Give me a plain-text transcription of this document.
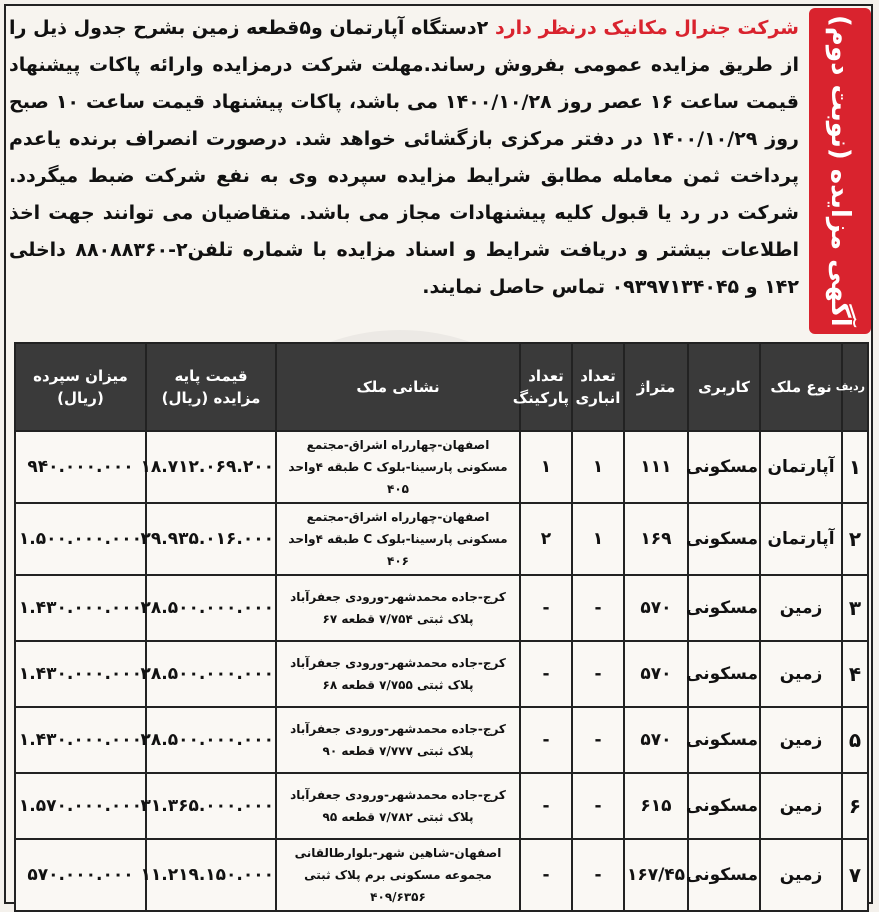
آگهی مزایده (نوبت دوم)

شرکت جنرال مکانیک درنظر دارد ۲دستگاه آپارتمان و۵قطعه زمین بشرح جدول ذیل را از طریق مزایده عمومی بفروش رساند.مهلت شرکت درمزایده وارائه پاکات پیشنهاد قیمت ساعت ۱۶ عصر روز ۱۴۰۰/۱۰/۲۸ می باشد، پاکات پیشنهاد قیمت ساعت ۱۰ صبح روز ۱۴۰۰/۱۰/۲۹ در دفتر مرکزی بازگشائی خواهد شد. درصورت انصراف برنده یاعدم پرداخت ثمن معامله مطابق شرایط مزایده سپرده وی به نفع شرکت ضبط میگردد. شرکت در رد یا قبول کلیه پیشنهادات مجاز می باشد. متقاضیان می توانند جهت اخذ اطلاعات بیشتر و دریافت شرایط و اسناد مزایده با شماره تلفن۲-۸۸۰۸۸۳۶۰ داخلی ۱۴۲ و ۰۹۳۹۷۱۳۴۰۴۵ تماس حاصل نمایند.

ردیف	نوع ملک	کاربری	متراژ	تعداد انباری	تعداد پارکینگ	نشانی ملک	قیمت پایه مزایده (ریال)	میزان سپرده (ریال)
۱	آپارتمان	مسکونی	۱۱۱	۱	۱	اصفهان-چهارراه اشراق-مجتمع مسکونی پارسینا-بلوک C طبقه ۴واحد ۴۰۵	۱۸.۷۱۲.۰۶۹.۲۰۰	۹۴۰.۰۰۰.۰۰۰
۲	آپارتمان	مسکونی	۱۶۹	۱	۲	اصفهان-چهارراه اشراق-مجتمع مسکونی پارسینا-بلوک C طبقه ۴واحد ۴۰۶	۲۹.۹۳۵.۰۱۶.۰۰۰	۱.۵۰۰.۰۰۰.۰۰۰
۳	زمین	مسکونی	۵۷۰	-	-	کرج-جاده محمدشهر-ورودی جعفرآباد پلاک ثبتی ۷/۷۵۴ قطعه ۶۷	۲۸.۵۰۰.۰۰۰.۰۰۰	۱.۴۳۰.۰۰۰.۰۰۰
۴	زمین	مسکونی	۵۷۰	-	-	کرج-جاده محمدشهر-ورودی جعفرآباد پلاک ثبتی ۷/۷۵۵ قطعه ۶۸	۲۸.۵۰۰.۰۰۰.۰۰۰	۱.۴۳۰.۰۰۰.۰۰۰
۵	زمین	مسکونی	۵۷۰	-	-	کرج-جاده محمدشهر-ورودی جعفرآباد پلاک ثبتی ۷/۷۷۷ قطعه ۹۰	۲۸.۵۰۰.۰۰۰.۰۰۰	۱.۴۳۰.۰۰۰.۰۰۰
۶	زمین	مسکونی	۶۱۵	-	-	کرج-جاده محمدشهر-ورودی جعفرآباد پلاک ثبتی ۷/۷۸۲ قطعه ۹۵	۳۱.۳۶۵.۰۰۰.۰۰۰	۱.۵۷۰.۰۰۰.۰۰۰
۷	زمین	مسکونی	۱۶۷/۴۵	-	-	اصفهان-شاهین شهر-بلوارطالقانی مجموعه مسکونی برم پلاک ثبتی ۴۰۹/۶۳۵۶	۱۱.۲۱۹.۱۵۰.۰۰۰	۵۷۰.۰۰۰.۰۰۰
